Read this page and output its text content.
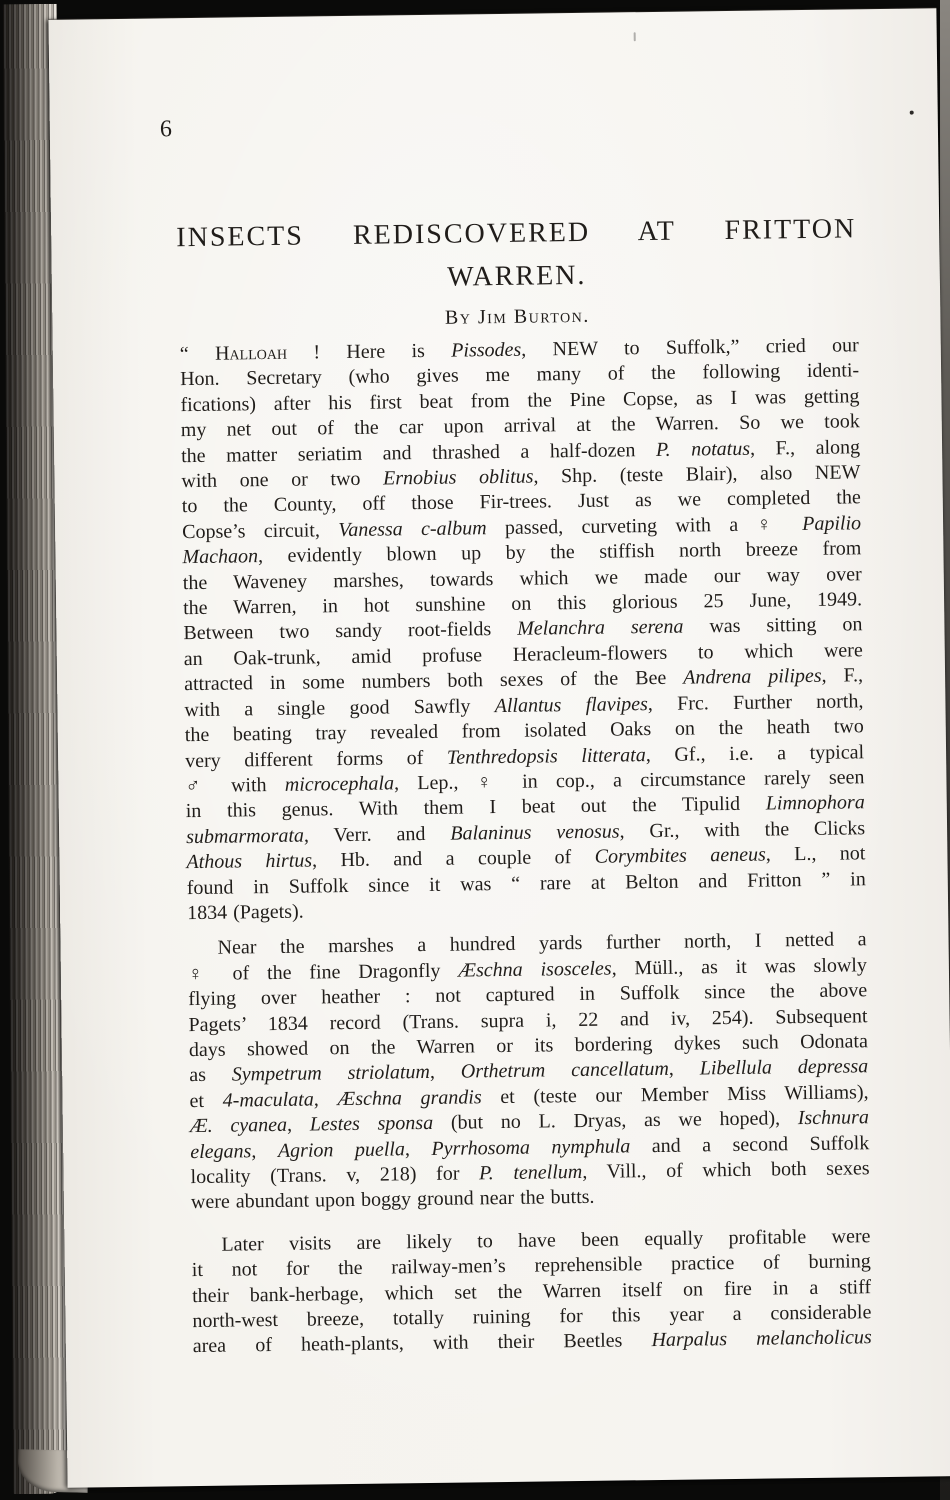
6
INSECTS REDISCOVERED AT FRITTON
WARREN.
By Jim Burton.
“ Halloah ! Here is Pissodes, NEW to Suffolk,” cried our
Hon. Secretary (who gives me many of the following identi-
fications) after his first beat from the Pine Copse, as I was getting
my net out of the car upon arrival at the Warren. So we took
the matter seriatim and thrashed a half-dozen P. notatus, F., along
with one or two Ernobius oblitus, Shp. (teste Blair), also NEW
to the County, off those Fir-trees. Just as we completed the
Copse’s circuit, Vanessa c-album passed, curveting with a ♀ Papilio
Machaon, evidently blown up by the stiffish north breeze from
the Waveney marshes, towards which we made our way over
the Warren, in hot sunshine on this glorious 25 June, 1949.
Between two sandy root-fields Melanchra serena was sitting on
an Oak-trunk, amid profuse Heracleum-flowers to which were
attracted in some numbers both sexes of the Bee Andrena pilipes, F.,
with a single good Sawfly Allantus flavipes, Frc. Further north,
the beating tray revealed from isolated Oaks on the heath two
very different forms of Tenthredopsis litterata, Gf., i.e. a typical
♂ with microcephala, Lep., ♀ in cop., a circumstance rarely seen
in this genus. With them I beat out the Tipulid Limnophora
submarmorata, Verr. and Balaninus venosus, Gr., with the Clicks
Athous hirtus, Hb. and a couple of Corymbites aeneus, L., not
found in Suffolk since it was “ rare at Belton and Fritton ” in
1834 (Pagets).
Near the marshes a hundred yards further north, I netted a
♀ of the fine Dragonfly Æschna isosceles, Müll., as it was slowly
flying over heather : not captured in Suffolk since the above
Pagets’ 1834 record (Trans. supra i, 22 and iv, 254). Subsequent
days showed on the Warren or its bordering dykes such Odonata
as Sympetrum striolatum, Orthetrum cancellatum, Libellula depressa
et 4-maculata, Æschna grandis et (teste our Member Miss Williams),
Æ. cyanea, Lestes sponsa (but no L. Dryas, as we hoped), Ischnura
elegans, Agrion puella, Pyrrhosoma nymphula and a second Suffolk
locality (Trans. v, 218) for P. tenellum, Vill., of which both sexes
were abundant upon boggy ground near the butts.
Later visits are likely to have been equally profitable were
it not for the railway-men’s reprehensible practice of burning
their bank-herbage, which set the Warren itself on fire in a stiff
north-west breeze, totally ruining for this year a considerable
area of heath-plants, with their Beetles Harpalus melancholicus
